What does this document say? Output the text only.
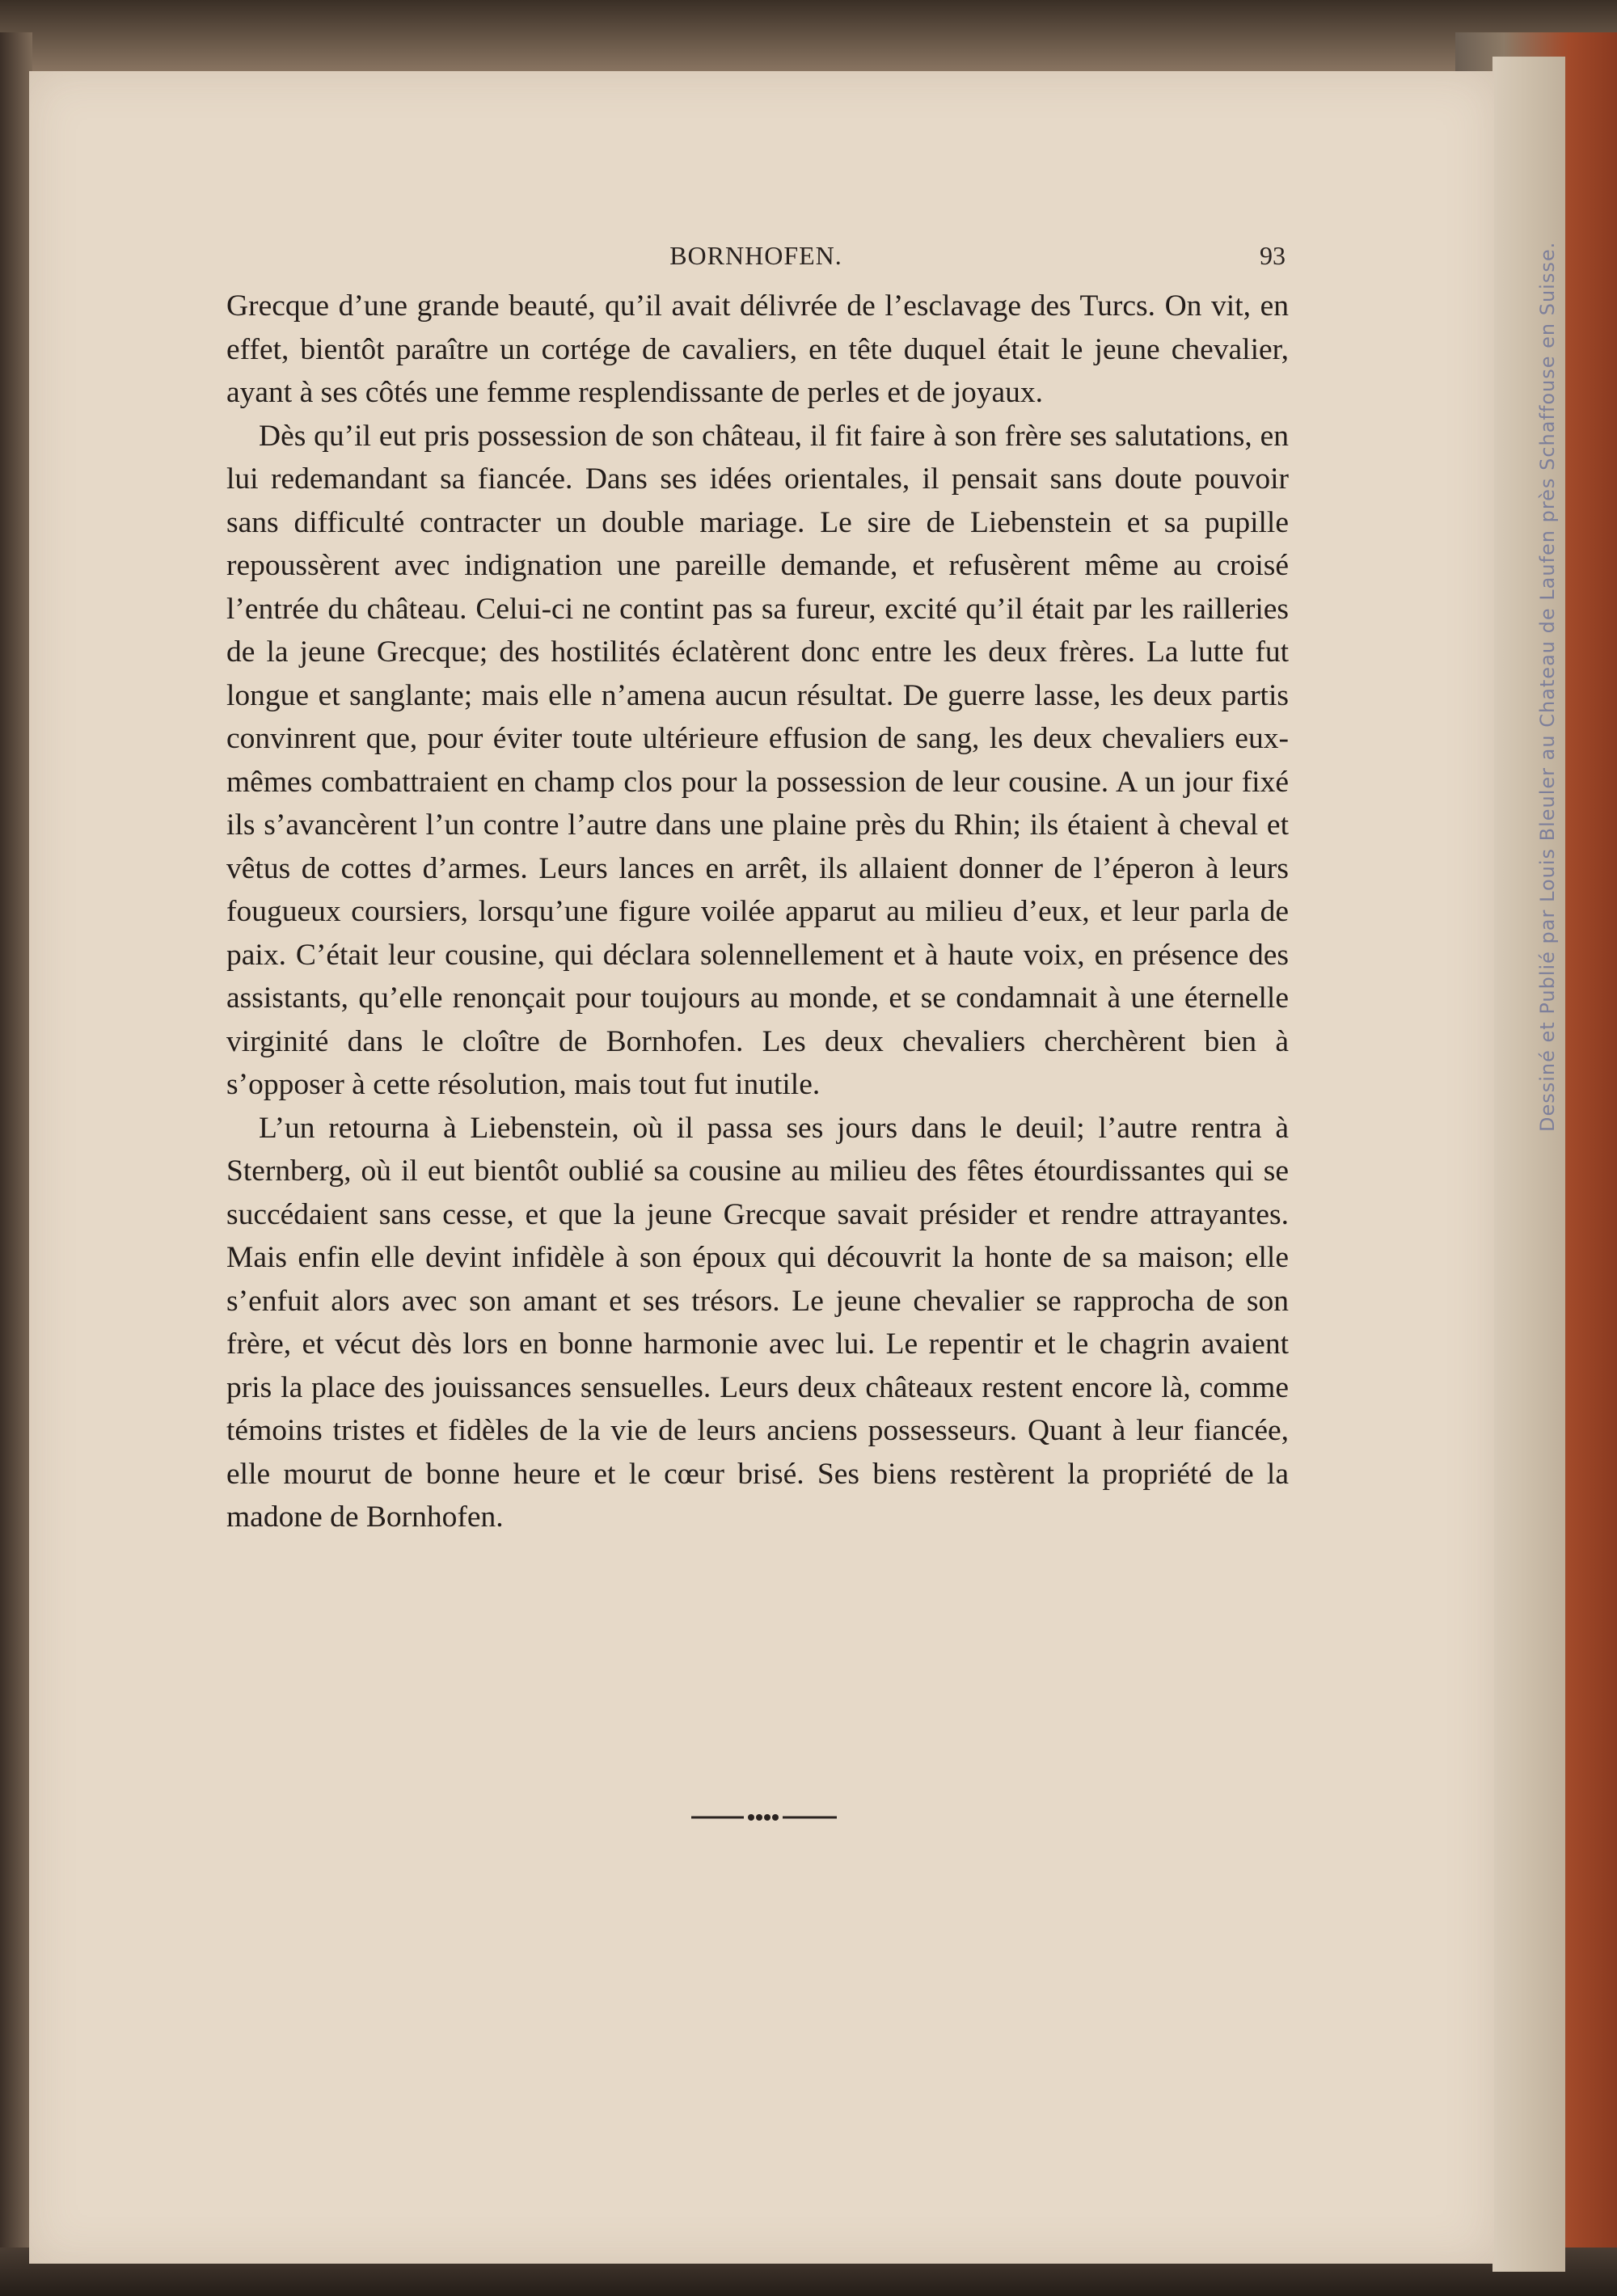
BORNHOFEN.	93

Grecque d’une grande beauté, qu’il avait délivrée de l’esclavage des Turcs. On vit, en effet, bientôt paraître un cortége de cavaliers, en tête duquel était le jeune chevalier, ayant à ses côtés une femme resplendissante de perles et de joyaux.

Dès qu’il eut pris possession de son château, il fit faire à son frère ses salutations, en lui redemandant sa fiancée. Dans ses idées orientales, il pensait sans doute pouvoir sans difficulté contracter un double mariage. Le sire de Liebenstein et sa pupille repoussèrent avec indignation une pareille demande, et refusèrent même au croisé l’entrée du château. Celui-ci ne contint pas sa fureur, excité qu’il était par les railleries de la jeune Grecque; des hostilités éclatèrent donc entre les deux frères. La lutte fut longue et sanglante; mais elle n’amena aucun résultat. De guerre lasse, les deux partis convinrent que, pour éviter toute ultérieure effusion de sang, les deux chevaliers eux-mêmes combattraient en champ clos pour la possession de leur cousine. A un jour fixé ils s’avancèrent l’un contre l’autre dans une plaine près du Rhin; ils étaient à cheval et vêtus de cottes d’armes. Leurs lances en arrêt, ils allaient donner de l’éperon à leurs fougueux coursiers, lorsqu’une figure voilée apparut au milieu d’eux, et leur parla de paix. C’était leur cousine, qui déclara solennellement et à haute voix, en présence des assistants, qu’elle renonçait pour toujours au monde, et se condamnait à une éternelle virginité dans le cloître de Bornhofen. Les deux chevaliers cherchèrent bien à s’opposer à cette résolution, mais tout fut inutile.

L’un retourna à Liebenstein, où il passa ses jours dans le deuil; l’autre rentra à Sternberg, où il eut bientôt oublié sa cousine au milieu des fêtes étourdissantes qui se succédaient sans cesse, et que la jeune Grecque savait présider et rendre attrayantes. Mais enfin elle devint infidèle à son époux qui découvrit la honte de sa maison; elle s’enfuit alors avec son amant et ses trésors. Le jeune chevalier se rapprocha de son frère, et vécut dès lors en bonne harmonie avec lui. Le repentir et le chagrin avaient pris la place des jouissances sensuelles. Leurs deux châteaux restent encore là, comme témoins tristes et fidèles de la vie de leurs anciens possesseurs. Quant à leur fiancée, elle mourut de bonne heure et le cœur brisé. Ses biens restèrent la propriété de la madone de Bornhofen.

Dessiné et Publié par Louis Bleuler au Chateau de Laufen près Schaffouse en Suisse.
